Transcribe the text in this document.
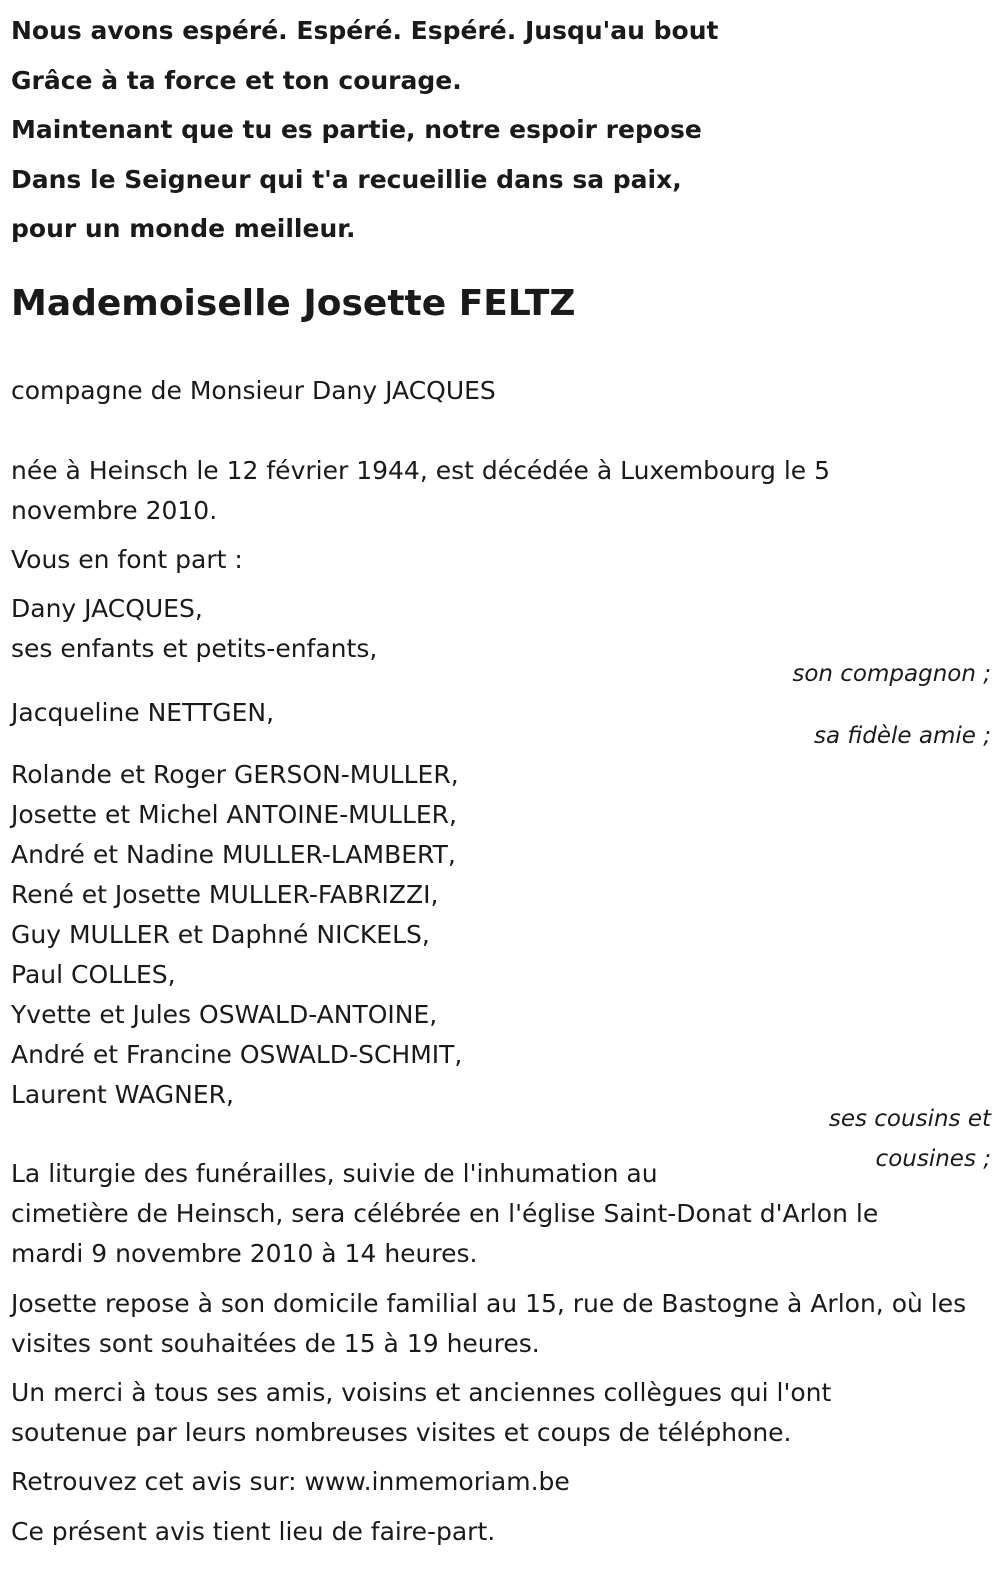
Nous avons espéré. Espéré. Espéré. Jusqu'au bout
Grâce à ta force et ton courage.
Maintenant que tu es partie, notre espoir repose
Dans le Seigneur qui t'a recueillie dans sa paix,
pour un monde meilleur.
Mademoiselle Josette FELTZ

compagne de Monsieur Dany JACQUES

née à Heinsch le 12 février 1944, est décédée à Luxembourg le 5 novembre 2010.

Vous en font part :

Dany JACQUES,
ses enfants et petits-enfants,

son compagnon ;

Jacqueline NETTGEN,

sa fidèle amie ;

Rolande et Roger GERSON-MULLER,
Josette et Michel ANTOINE-MULLER,
André et Nadine MULLER-LAMBERT,
René et Josette MULLER-FABRIZZI,
Guy MULLER et Daphné NICKELS,
Paul COLLES,
Yvette et Jules OSWALD-ANTOINE,
André et Francine OSWALD-SCHMIT,
Laurent WAGNER,
ses cousins et
cousines ;

La liturgie des funérailles, suivie de l'inhumation au
cimetière de Heinsch, sera célébrée en l'église Saint-Donat d'Arlon le
mardi 9 novembre 2010 à 14 heures.

Josette repose à son domicile familial au 15, rue de Bastogne à Arlon, où les visites sont souhaitées de 15 à 19 heures.

Un merci à tous ses amis, voisins et anciennes collègues qui l'ont soutenue par leurs nombreuses visites et coups de téléphone.

Retrouvez cet avis sur: www.inmemoriam.be

Ce présent avis tient lieu de faire-part.
